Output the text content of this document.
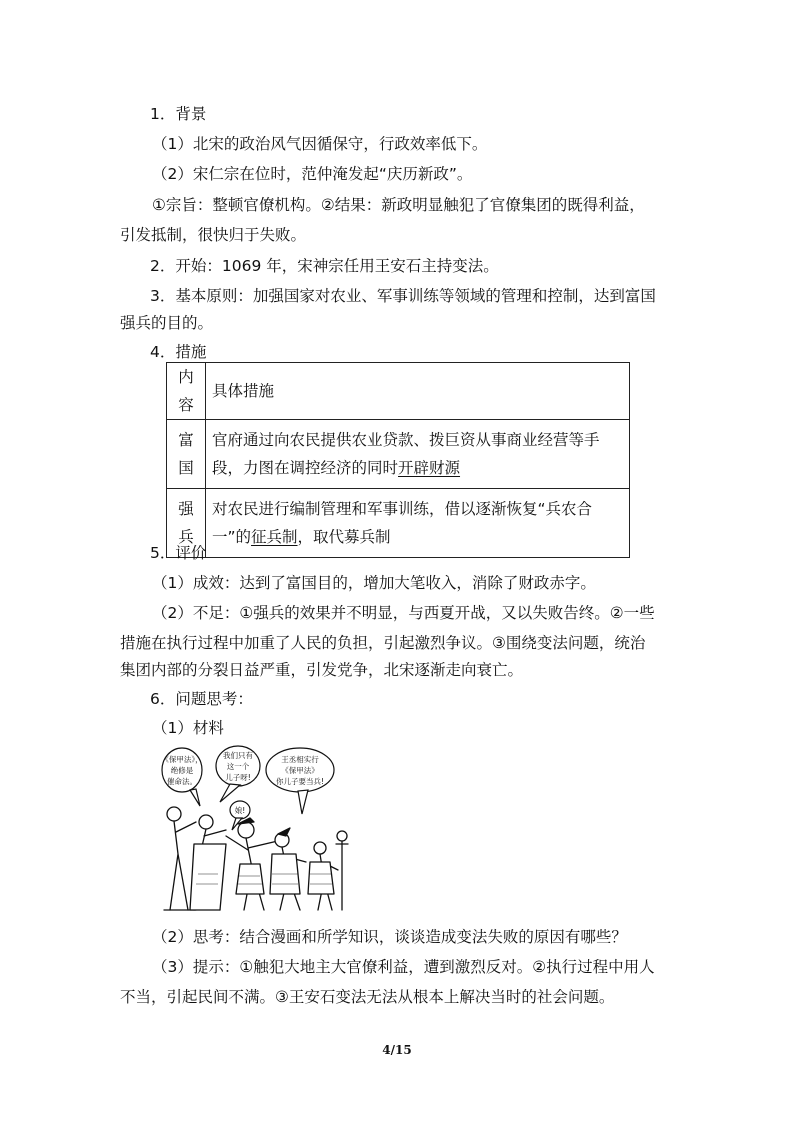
1．背景
（1）北宋的政治风气因循保守，行政效率低下。
（2）宋仁宗在位时，范仲淹发起“庆历新政”。
①宗旨：整顿官僚机构。②结果：新政明显触犯了官僚集团的既得利益，
引发抵制，很快归于失败。
2．开始：1069 年，宋神宗任用王安石主持变法。
3．基本原则：加强国家对农业、军事训练等领域的管理和控制，达到富国
强兵的目的。
4．措施
内容	具体措施
富国	官府通过向农民提供农业贷款、拨巨资从事商业经营等手
段，力图在调控经济的同时开辟财源

强兵	对农民进行编制管理和军事训练，借以逐渐恢复“兵农合
一”的征兵制，取代募兵制
5．评价
（1）成效：达到了富国目的，增加大笔收入，消除了财政赤字。
（2）不足：①强兵的效果并不明显，与西夏开战，又以失败告终。②一些
措施在执行过程中加重了人民的负担，引起激烈争议。③围绕变法问题，统治
集团内部的分裂日益严重，引发党争，北宋逐渐走向衰亡。
6．问题思考：
（1）材料
《保甲法》，
绝修是
催命法。
我们只有
这一个
儿子呀!
娘!
王丞相实行
《保甲法》
你儿子要当兵!
（2）思考：结合漫画和所学知识，谈谈造成变法失败的原因有哪些？
（3）提示：①触犯大地主大官僚利益，遭到激烈反对。②执行过程中用人
不当，引起民间不满。③王安石变法无法从根本上解决当时的社会问题。
4/15
